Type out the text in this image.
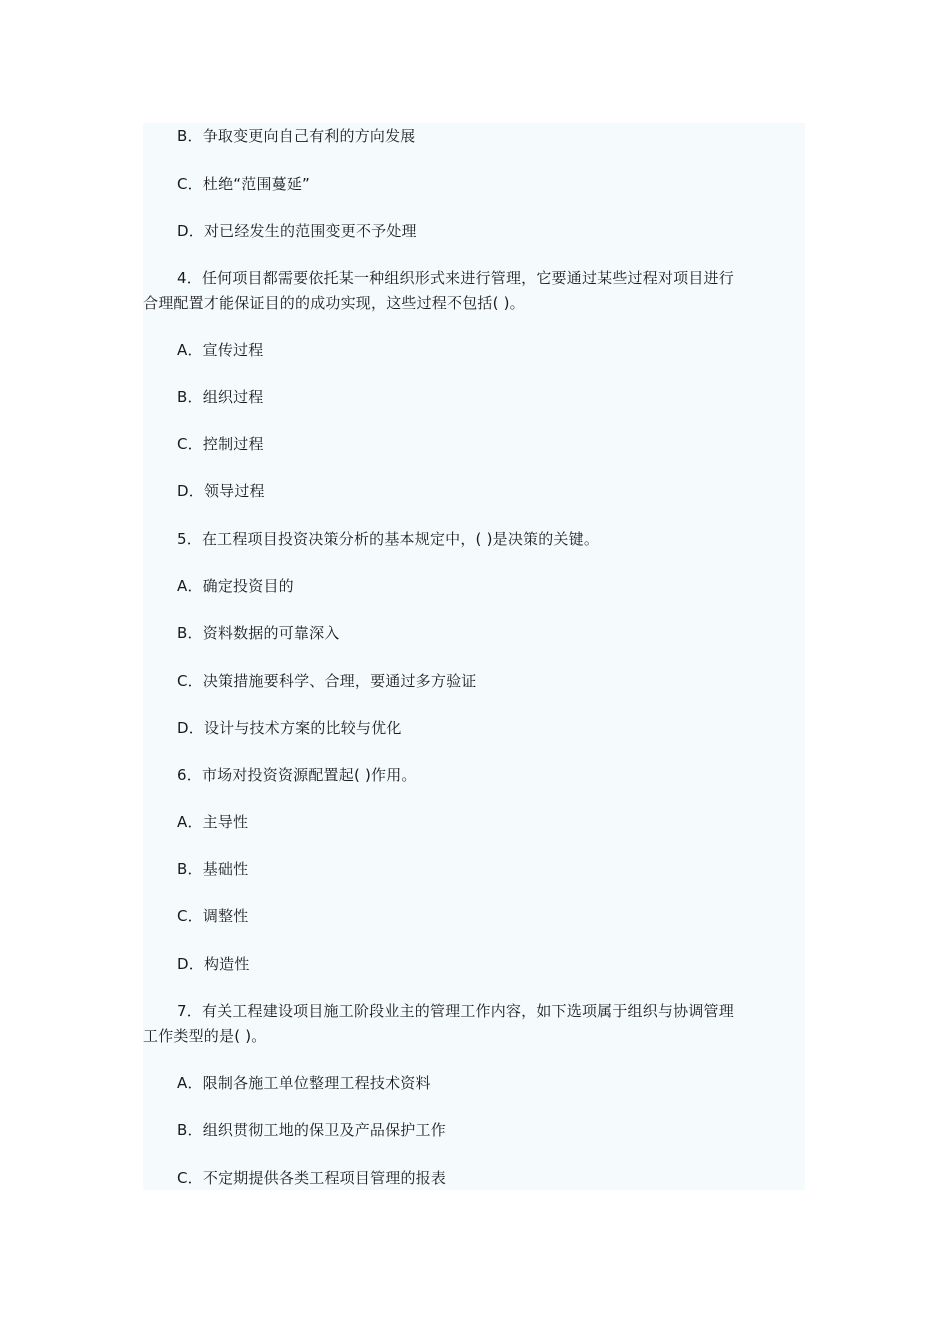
B．争取变更向自己有利的方向发展
C．杜绝“范围蔓延”
D．对已经发生的范围变更不予处理
4．任何项目都需要依托某一种组织形式来进行管理，它要通过某些过程对项目进行
合理配置才能保证目的的成功实现，这些过程不包括( )。
A．宣传过程
B．组织过程
C．控制过程
D．领导过程
5．在工程项目投资决策分析的基本规定中，( )是决策的关键。
A．确定投资目的
B．资料数据的可靠深入
C．决策措施要科学、合理，要通过多方验证
D．设计与技术方案的比较与优化
6．市场对投资资源配置起( )作用。
A．主导性
B．基础性
C．调整性
D．构造性
7．有关工程建设项目施工阶段业主的管理工作内容，如下选项属于组织与协调管理
工作类型的是( )。
A．限制各施工单位整理工程技术资料
B．组织贯彻工地的保卫及产品保护工作
C．不定期提供各类工程项目管理的报表
